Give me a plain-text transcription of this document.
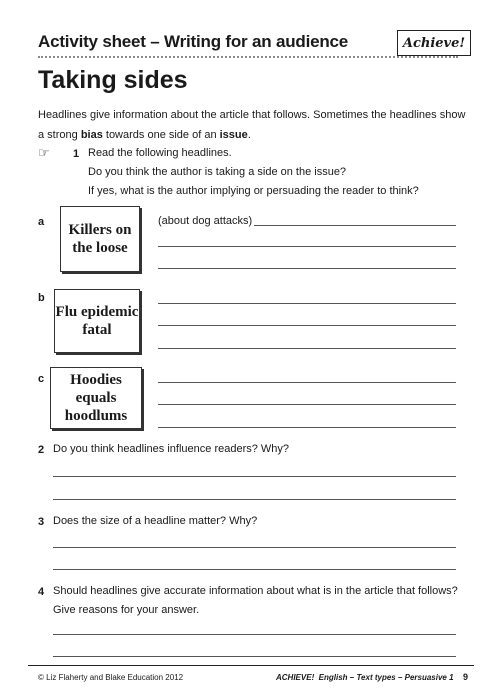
Activity sheet – Writing for an audience	Achieve!
Taking sides
Headlines give information about the article that follows. Sometimes the headlines show a strong bias towards one side of an issue.
☞ 1 Read the following headlines.
Do you think the author is taking a side on the issue?
If yes, what is the author implying or persuading the reader to think?
a	Killers on the loose
(about dog attacks)
b
Flu epidemic fatal
c	Hoodies equals hoodlums
2 Do you think headlines influence readers? Why?
3 Does the size of a headline matter? Why?
4 Should headlines give accurate information about what is in the article that follows?
Give reasons for your answer.
© Liz Flaherty and Blake Education 2012	ACHIEVE!  English – Text types – Persuasive 1 9
